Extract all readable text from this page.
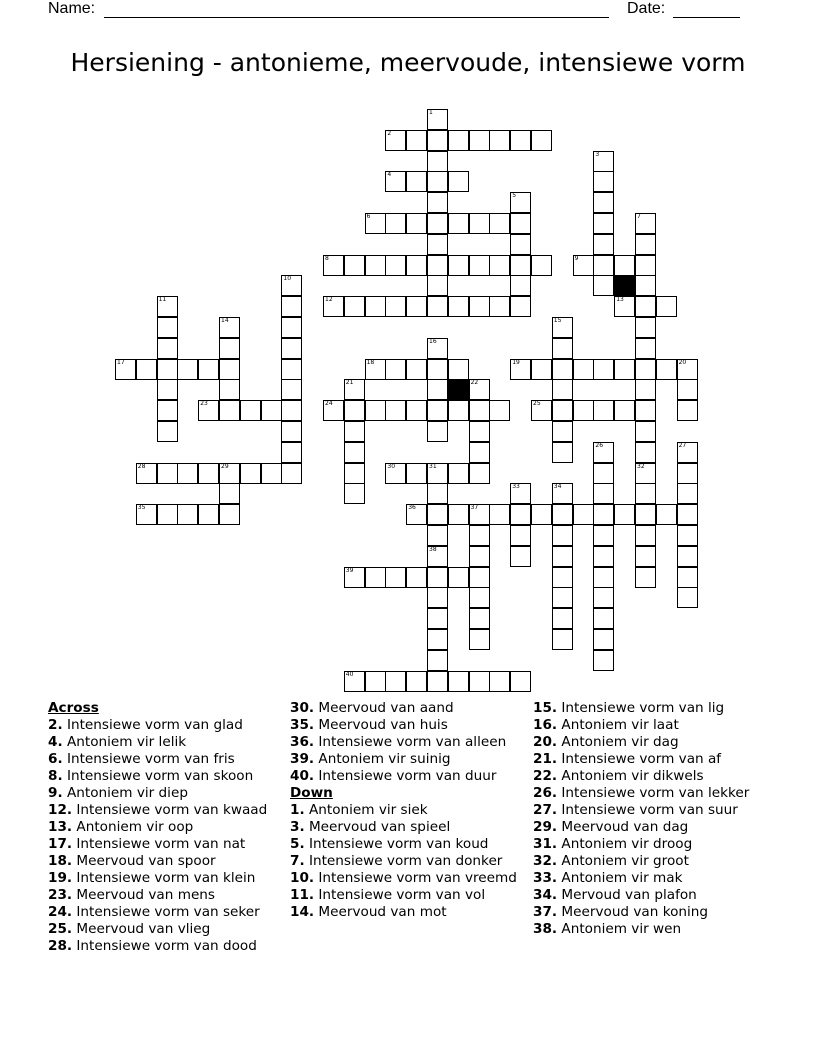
Name:	Date:
Hersiening - antonieme, meervoude, intensiewe vorm
1
2
3
4
5
6	7
8	9
10
11	12	13
14	15
16
17	18	19	20
21	22
23	24	25
26	27
28	29	30	31	32
33	34
35	36	37
38
39
40
Across
2. Intensiewe vorm van glad
4. Antoniem vir lelik
6. Intensiewe vorm van fris
8. Intensiewe vorm van skoon
9. Antoniem vir diep
12. Intensiewe vorm van kwaad
13. Antoniem vir oop
17. Intensiewe vorm van nat
18. Meervoud van spoor
19. Intensiewe vorm van klein
23. Meervoud van mens
24. Intensiewe vorm van seker
25. Meervoud van vlieg
28. Intensiewe vorm van dood
30. Meervoud van aand
35. Meervoud van huis
36. Intensiewe vorm van alleen
39. Antoniem vir suinig
40. Intensiewe vorm van duur
Down
1. Antoniem vir siek
3. Meervoud van spieel
5. Intensiewe vorm van koud
7. Intensiewe vorm van donker
10. Intensiewe vorm van vreemd
11. Intensiewe vorm van vol
14. Meervoud van mot
15. Intensiewe vorm van lig
16. Antoniem vir laat
20. Antoniem vir dag
21. Intensiewe vorm van af
22. Antoniem vir dikwels
26. Intensiewe vorm van lekker
27. Intensiewe vorm van suur
29. Meervoud van dag
31. Antoniem vir droog
32. Antoniem vir groot
33. Antoniem vir mak
34. Mervoud van plafon
37. Meervoud van koning
38. Antoniem vir wen
